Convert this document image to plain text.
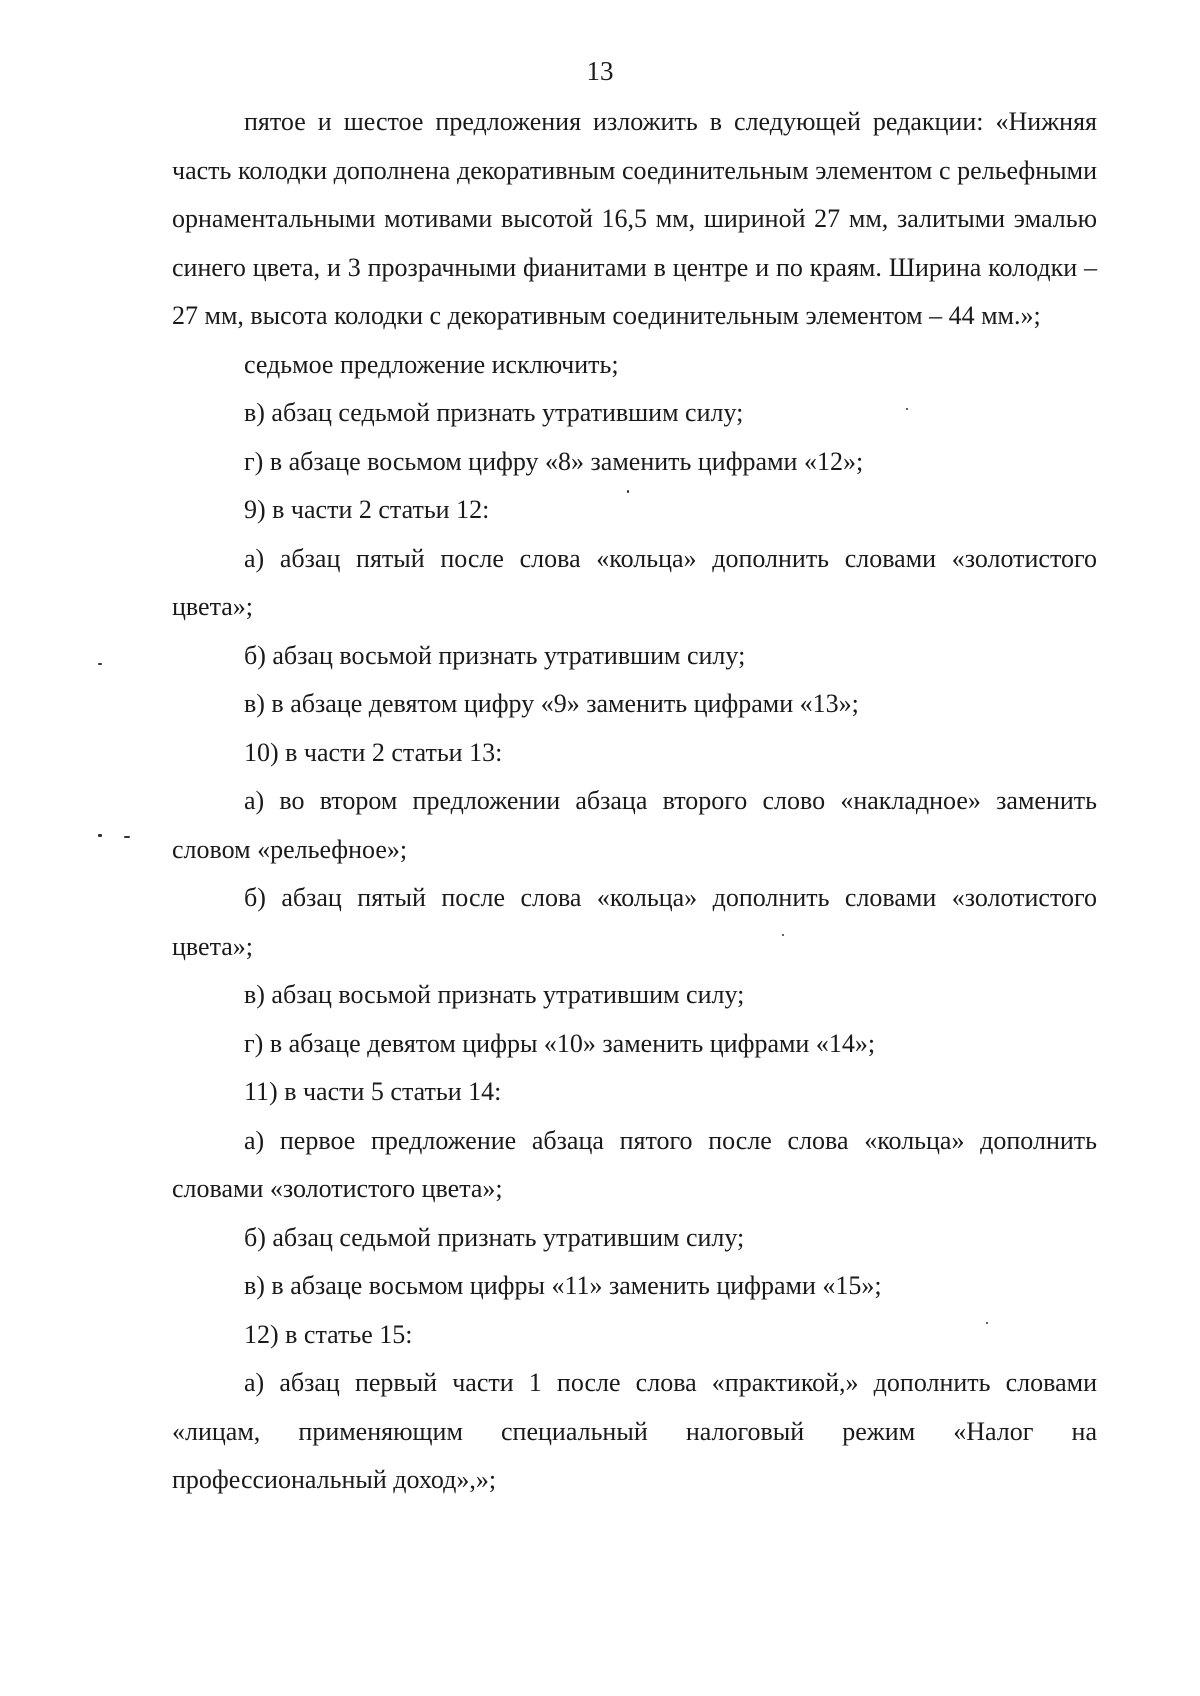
13

пятое и шестое предложения изложить в следующей редакции: «Нижняя часть колодки дополнена декоративным соединительным элементом с рельефными орнаментальными мотивами высотой 16,5 мм, шириной 27 мм, залитыми эмалью синего цвета, и 3 прозрачными фианитами в центре и по краям. Ширина колодки – 27 мм, высота колодки с декоративным соединительным элементом – 44 мм.»;

седьмое предложение исключить;

в) абзац седьмой признать утратившим силу;

г) в абзаце восьмом цифру «8» заменить цифрами «12»;

9) в части 2 статьи 12:

а) абзац пятый после слова «кольца» дополнить словами «золотистого цвета»;

б) абзац восьмой признать утратившим силу;

в) в абзаце девятом цифру «9» заменить цифрами «13»;

10) в части 2 статьи 13:

а) во втором предложении абзаца второго слово «накладное» заменить словом «рельефное»;

б) абзац пятый после слова «кольца» дополнить словами «золотистого цвета»;

в) абзац восьмой признать утратившим силу;

г) в абзаце девятом цифры «10» заменить цифрами «14»;

11) в части 5 статьи 14:

а) первое предложение абзаца пятого после слова «кольца» дополнить словами «золотистого цвета»;

б) абзац седьмой признать утратившим силу;

в) в абзаце восьмом цифры «11» заменить цифрами «15»;

12) в статье 15:

а) абзац первый части 1 после слова «практикой,» дополнить словами «лицам, применяющим специальный налоговый режим «Налог на профессиональный доход»,»;
